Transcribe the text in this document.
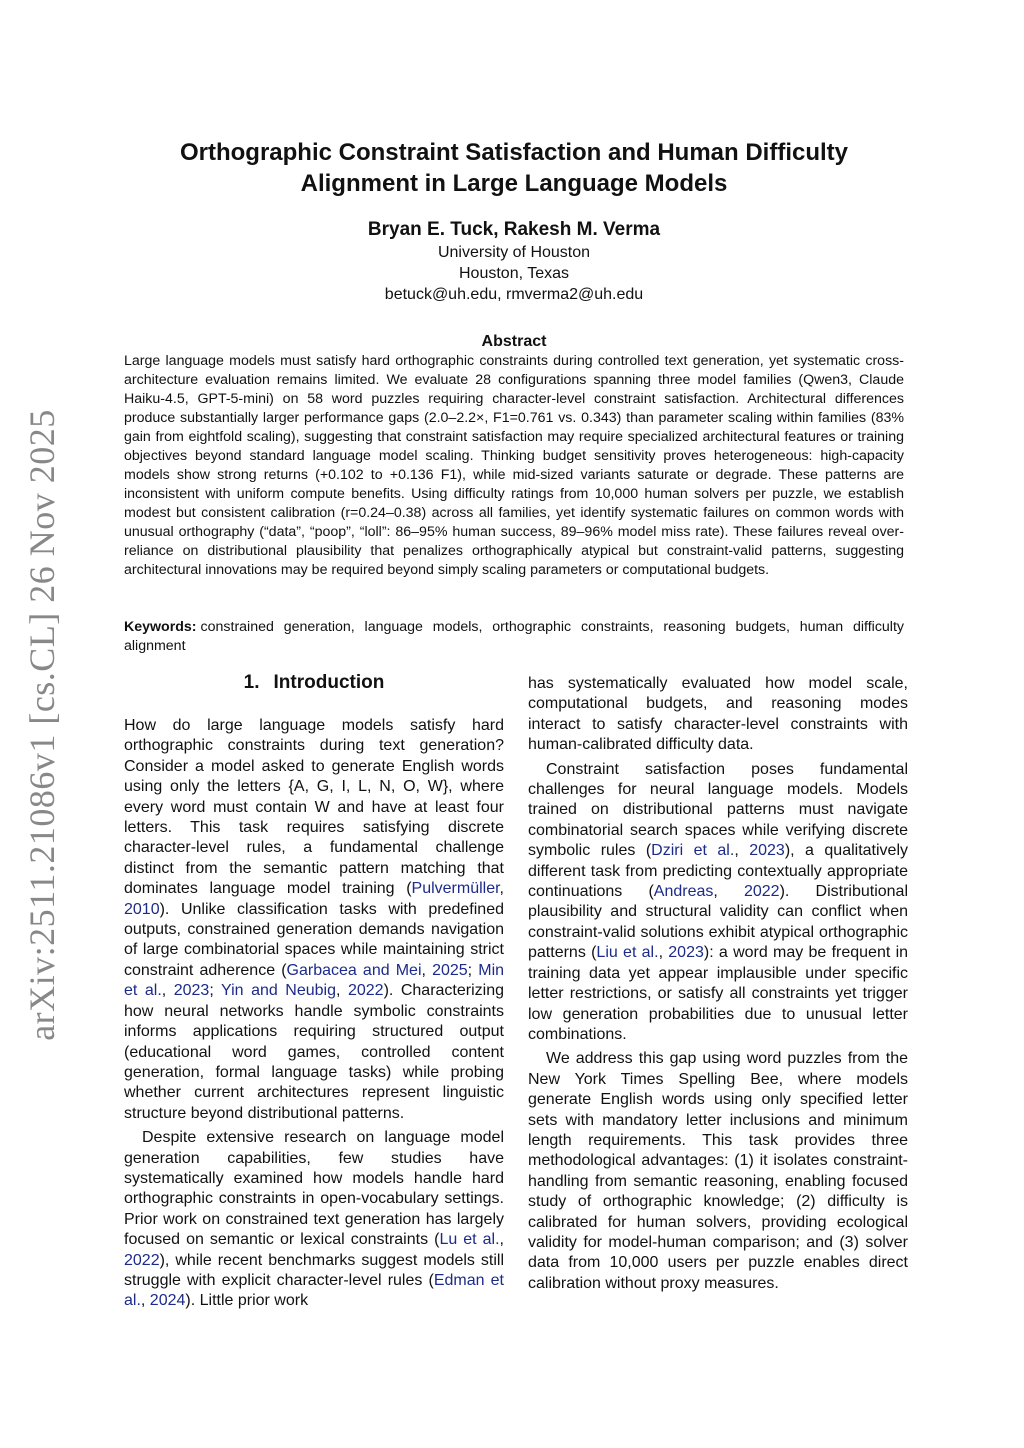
arXiv:2511.21086v1 [cs.CL] 26 Nov 2025
Orthographic Constraint Satisfaction and Human Difficulty
Alignment in Large Language Models
Bryan E. Tuck, Rakesh M. Verma
University of Houston
Houston, Texas
betuck@uh.edu, rmverma2@uh.edu
Abstract

Large language models must satisfy hard orthographic constraints during controlled text generation, yet systematic cross-architecture evaluation remains limited. We evaluate 28 configurations spanning three model families (Qwen3, Claude Haiku-4.5, GPT-5-mini) on 58 word puzzles requiring character-level constraint satisfaction. Architectural differences produce substantially larger performance gaps (2.0–2.2×, F1=0.761 vs. 0.343) than parameter scaling within families (83% gain from eightfold scaling), suggesting that constraint satisfaction may require specialized architectural features or training objectives beyond standard language model scaling. Thinking budget sensitivity proves heterogeneous: high-capacity models show strong returns (+0.102 to +0.136 F1), while mid-sized variants saturate or degrade. These patterns are inconsistent with uniform compute benefits. Using difficulty ratings from 10,000 human solvers per puzzle, we establish modest but consistent calibration (r=0.24–0.38) across all families, yet identify systematic failures on common words with unusual orthography (“data”, “poop”, “loll”: 86–95% human success, 89–96% model miss rate). These failures reveal over-reliance on distributional plausibility that penalizes orthographically atypical but constraint-valid patterns, suggesting architectural innovations may be required beyond simply scaling parameters or computational budgets.

Keywords: constrained generation, language models, orthographic constraints, reasoning budgets, human difficulty alignment

1. Introduction

How do large language models satisfy hard orthographic constraints during text generation? Consider a model asked to generate English words using only the letters {A, G, I, L, N, O, W}, where every word must contain W and have at least four letters. This task requires satisfying discrete character-level rules, a fundamental challenge distinct from the semantic pattern matching that dominates language model training (Pulvermüller, 2010). Unlike classification tasks with predefined outputs, constrained generation demands navigation of large combinatorial spaces while maintaining strict constraint adherence (Garbacea and Mei, 2025; Min et al., 2023; Yin and Neubig, 2022). Characterizing how neural networks handle symbolic constraints informs applications requiring structured output (educational word games, controlled content generation, formal language tasks) while probing whether current architectures represent linguistic structure beyond distributional patterns.

Despite extensive research on language model generation capabilities, few studies have systematically examined how models handle hard orthographic constraints in open-vocabulary settings. Prior work on constrained text generation has largely focused on semantic or lexical constraints (Lu et al., 2022), while recent benchmarks suggest models still struggle with explicit character-level rules (Edman et al., 2024). Little prior work

has systematically evaluated how model scale, computational budgets, and reasoning modes interact to satisfy character-level constraints with human-calibrated difficulty data.

Constraint satisfaction poses fundamental challenges for neural language models. Models trained on distributional patterns must navigate combinatorial search spaces while verifying discrete symbolic rules (Dziri et al., 2023), a qualitatively different task from predicting contextually appropriate continuations (Andreas, 2022). Distributional plausibility and structural validity can conflict when constraint-valid solutions exhibit atypical orthographic patterns (Liu et al., 2023): a word may be frequent in training data yet appear implausible under specific letter restrictions, or satisfy all constraints yet trigger low generation probabilities due to unusual letter combinations.

We address this gap using word puzzles from the New York Times Spelling Bee, where models generate English words using only specified letter sets with mandatory letter inclusions and minimum length requirements. This task provides three methodological advantages: (1) it isolates constraint-handling from semantic reasoning, enabling focused study of orthographic knowledge; (2) difficulty is calibrated for human solvers, providing ecological validity for model-human comparison; and (3) solver data from 10,000 users per puzzle enables direct calibration without proxy measures.
